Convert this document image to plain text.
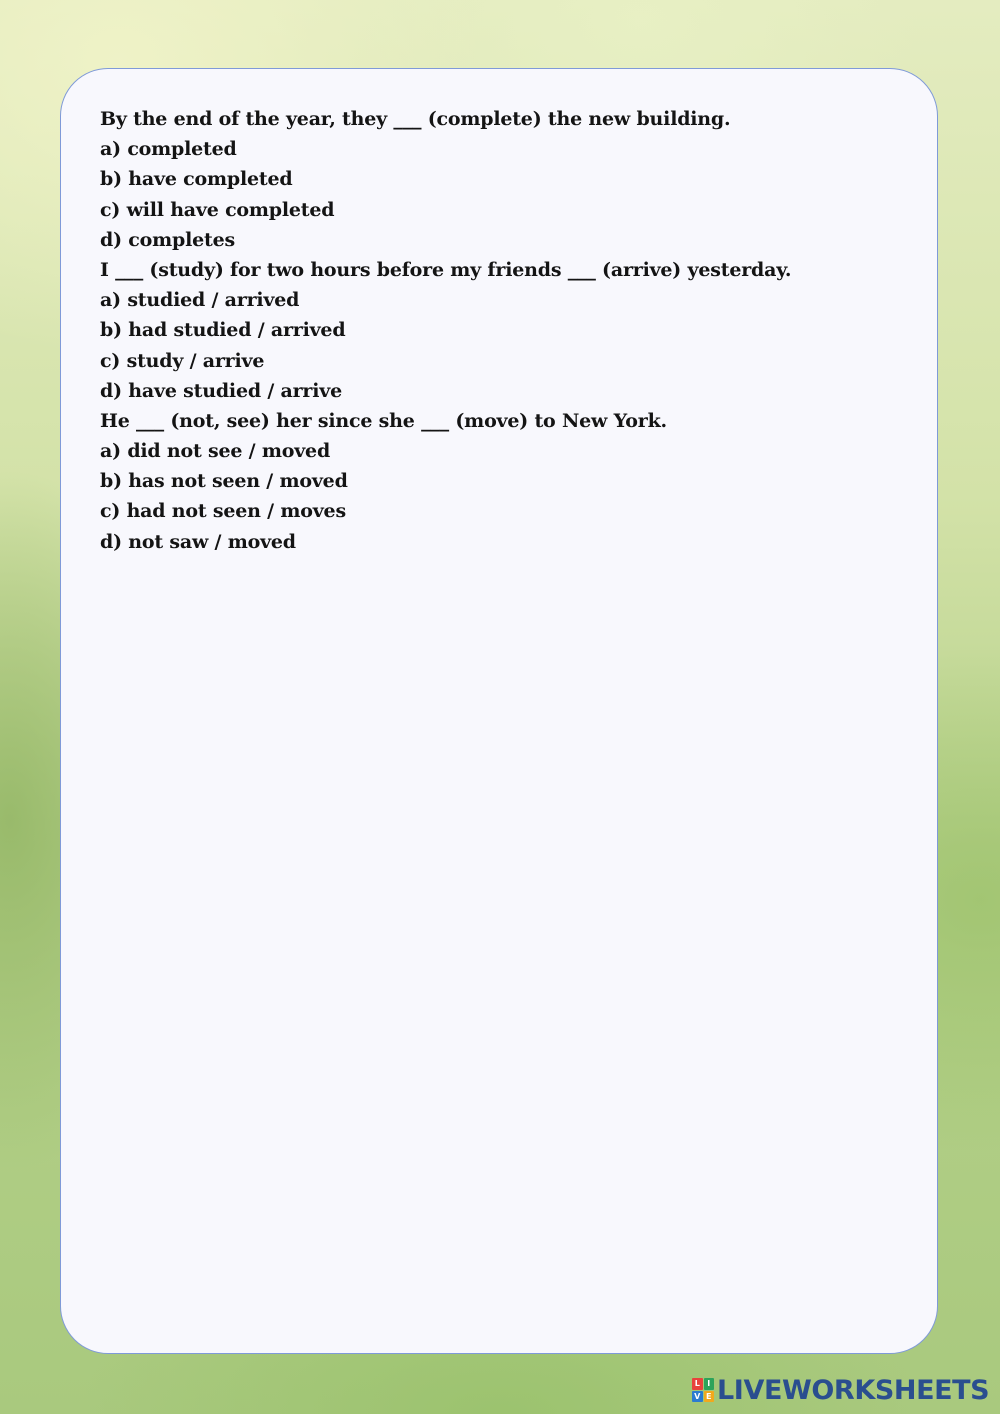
By the end of the year, they ___ (complete) the new building.
a) completed
b) have completed
c) will have completed
d) completes
I ___ (study) for two hours before my friends ___ (arrive) yesterday.
a) studied / arrived
b) had studied / arrived
c) study / arrive
d) have studied / arrive
He ___ (not, see) her since she ___ (move) to New York.
a) did not see / moved
b) has not seen / moved
c) had not seen / moves
d) not saw / moved
L I
V E LIVEWORKSHEETS
